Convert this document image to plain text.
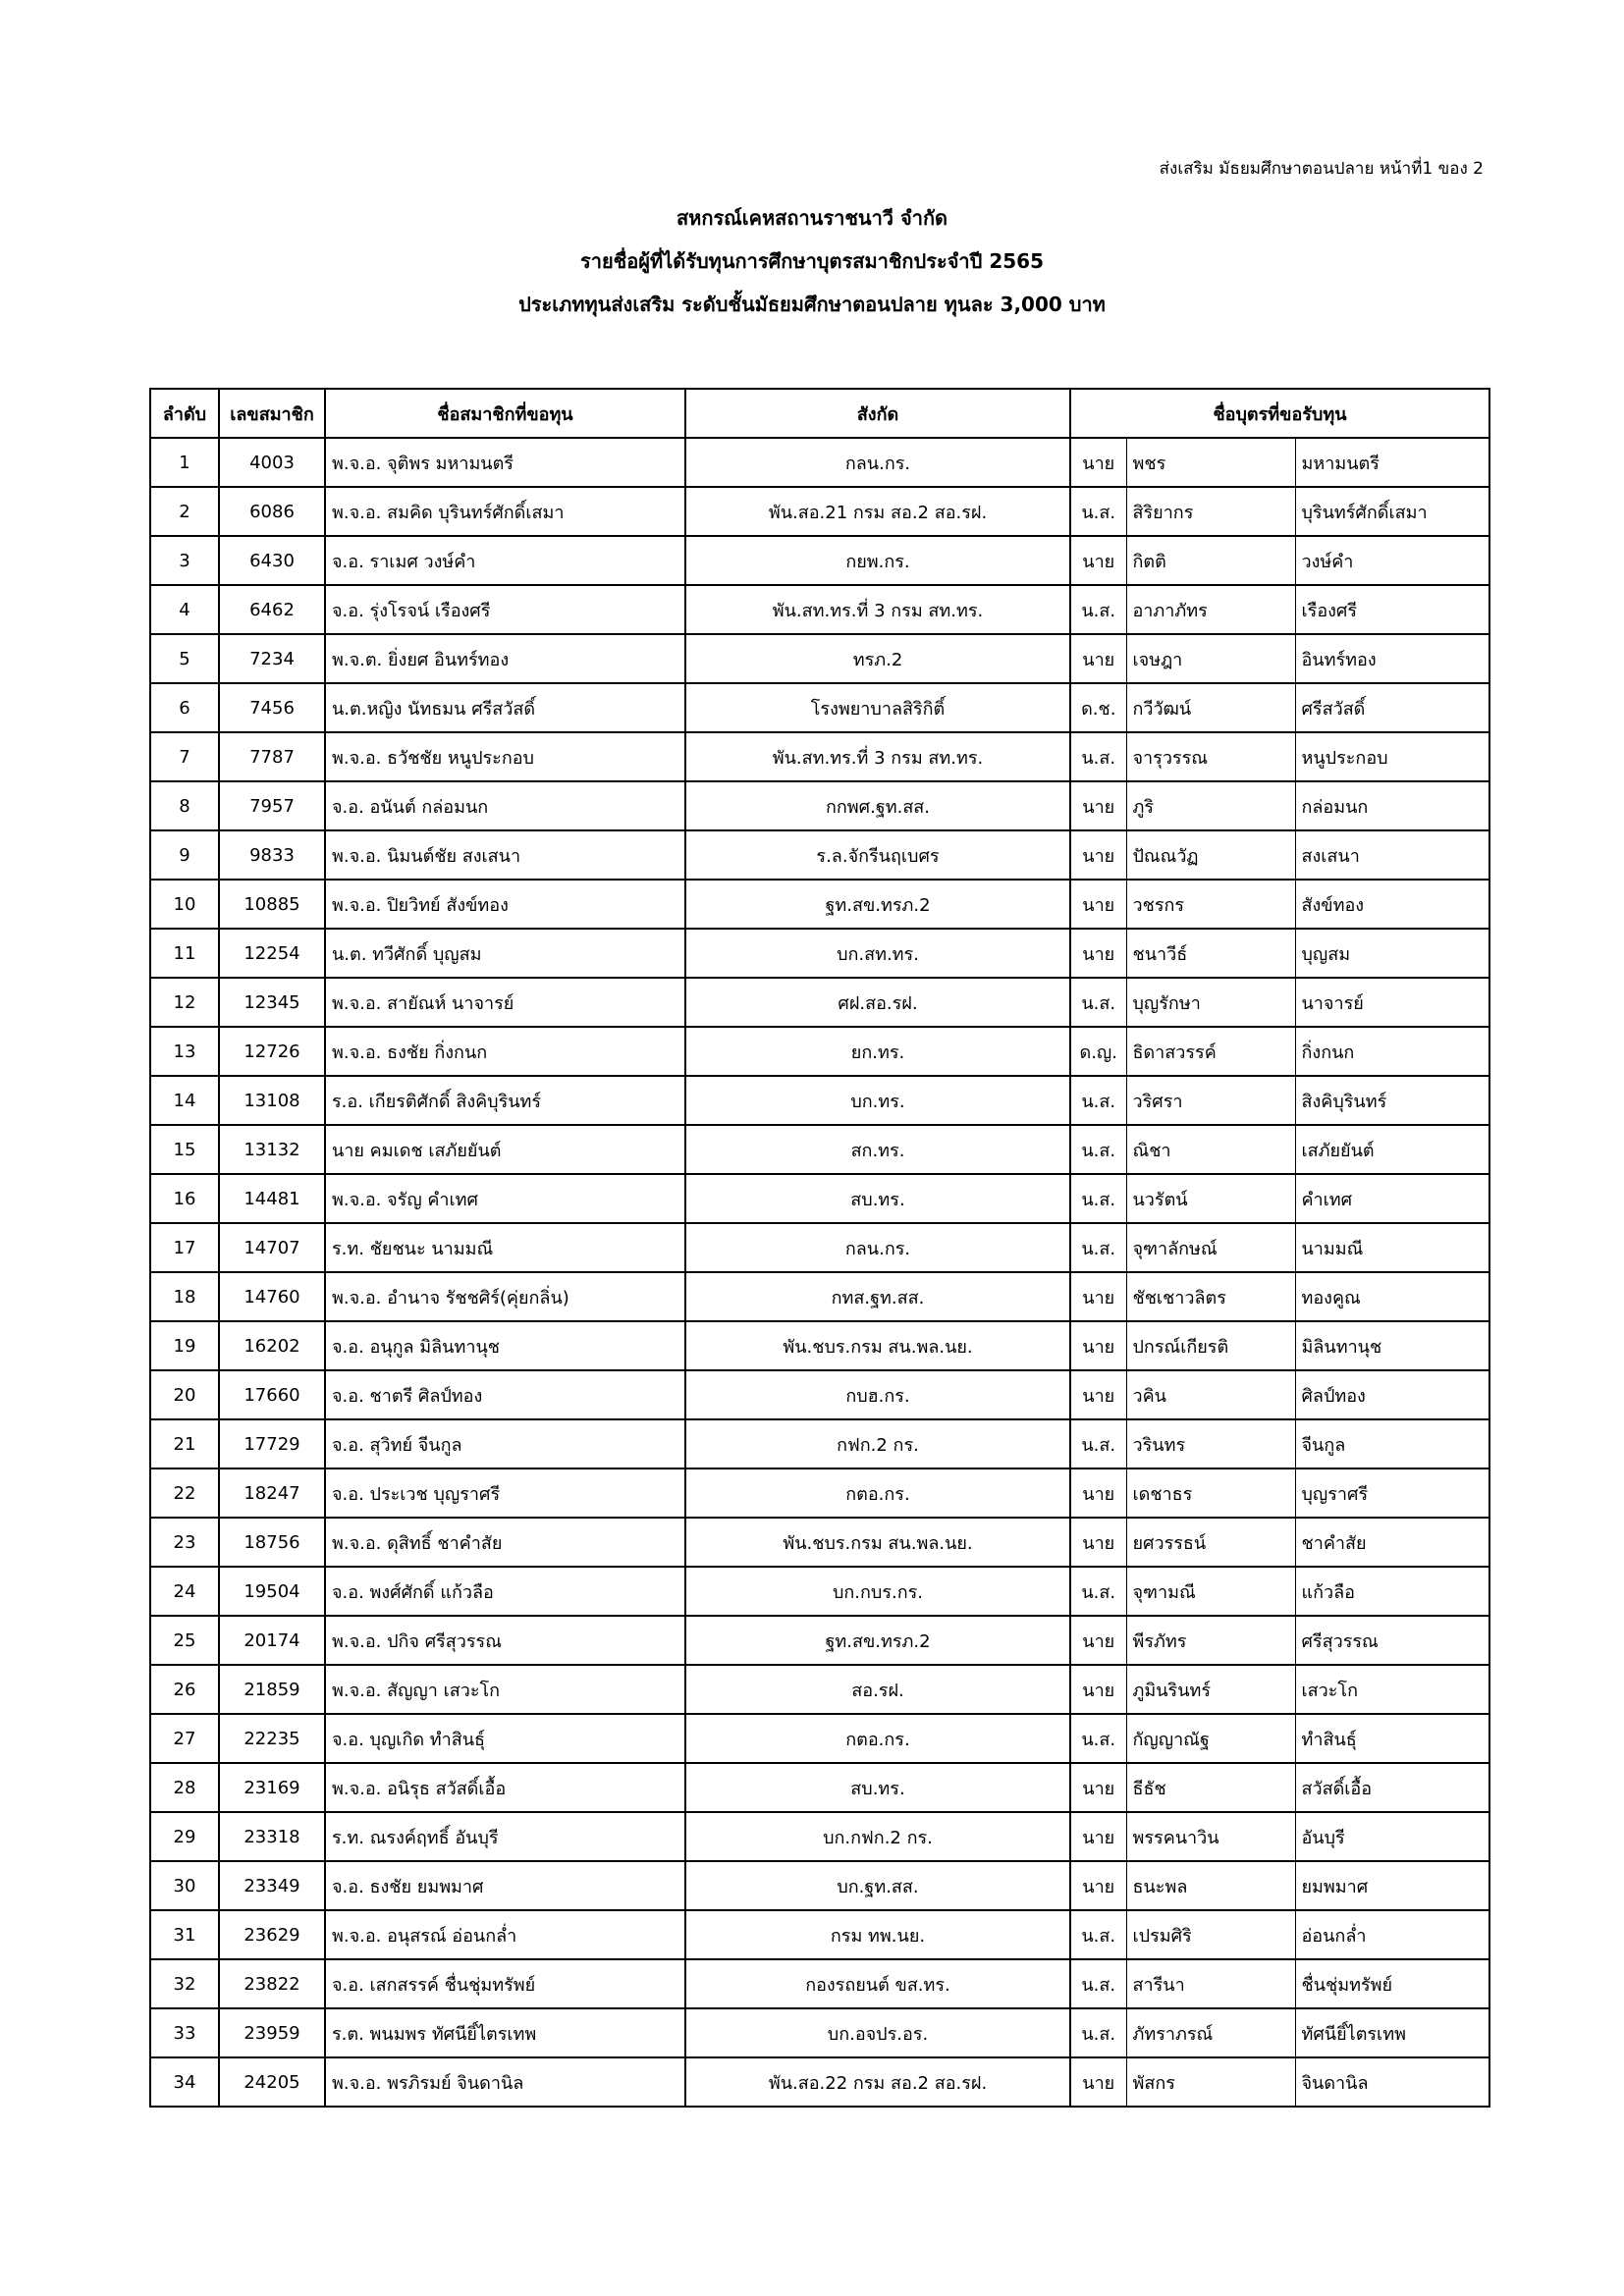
ส่งเสริม มัธยมศึกษาตอนปลาย หน้าที่1 ของ 2
สหกรณ์เคหสถานราชนาวี จำกัด
รายชื่อผู้ที่ได้รับทุนการศึกษาบุตรสมาชิกประจำปี 2565
ประเภททุนส่งเสริม ระดับชั้นมัธยมศึกษาตอนปลาย ทุนละ 3,000 บาท
ลำดับ	เลขสมาชิก	ชื่อสมาชิกที่ขอทุน	สังกัด	ชื่อบุตรที่ขอรับทุน		
1	4003	พ.จ.อ. จุติพร มหามนตรี	กลน.กร.	นาย	พชร	มหามนตรี
2	6086	พ.จ.อ. สมคิด บุรินทร์ศักดิ์เสมา	พัน.สอ.21 กรม สอ.2 สอ.รฝ.	น.ส.	สิริยากร	บุรินทร์ศักดิ์เสมา
3	6430	จ.อ. ราเมศ วงษ์คำ	กยพ.กร.	นาย	กิตติ	วงษ์คำ
4	6462	จ.อ. รุ่งโรจน์ เรืองศรี	พัน.สท.ทร.ที่ 3 กรม สท.ทร.	น.ส.	อาภาภัทร	เรืองศรี
5	7234	พ.จ.ต. ยิ่งยศ อินทร์ทอง	ทรภ.2	นาย	เจษฎา	อินทร์ทอง
6	7456	น.ต.หญิง นัทธมน ศรีสวัสดิ์	โรงพยาบาลสิริกิติ์	ด.ช.	กวีวัฒน์	ศรีสวัสดิ์
7	7787	พ.จ.อ. ธวัชชัย หนูประกอบ	พัน.สท.ทร.ที่ 3 กรม สท.ทร.	น.ส.	จารุวรรณ	หนูประกอบ
8	7957	จ.อ. อนันต์ กล่อมนก	กกพศ.ฐท.สส.	นาย	ภูริ	กล่อมนก
9	9833	พ.จ.อ. นิมนต์ชัย สงเสนา	ร.ล.จักรีนฤเบศร	นาย	ปัณณวัฏ	สงเสนา
10	10885	พ.จ.อ. ปิยวิทย์ สังข์ทอง	ฐท.สข.ทรภ.2	นาย	วชรกร	สังข์ทอง
11	12254	น.ต. ทวีศักดิ์ บุญสม	บก.สท.ทร.	นาย	ชนาวีธ์	บุญสม
12	12345	พ.จ.อ. สายัณห์ นาจารย์	ศฝ.สอ.รฝ.	น.ส.	บุญรักษา	นาจารย์
13	12726	พ.จ.อ. ธงชัย กิ่งกนก	ยก.ทร.	ด.ญ.	ธิดาสวรรค์	กิ่งกนก
14	13108	ร.อ. เกียรติศักดิ์ สิงคิบุรินทร์	บก.ทร.	น.ส.	วริศรา	สิงคิบุรินทร์
15	13132	นาย คมเดช เสภัยยันต์	สก.ทร.	น.ส.	ณิชา	เสภัยยันต์
16	14481	พ.จ.อ. จรัญ คำเทศ	สบ.ทร.	น.ส.	นวรัตน์	คำเทศ
17	14707	ร.ท. ชัยชนะ นามมณี	กลน.กร.	น.ส.	จุฑาลักษณ์	นามมณี
18	14760	พ.จ.อ. อำนาจ รัชชศิร์(คุ่ยกลิ่น)	กทส.ฐท.สส.	นาย	ชัชเชาวลิตร	ทองคูณ
19	16202	จ.อ. อนุกูล มิลินทานุช	พัน.ชบร.กรม สน.พล.นย.	นาย	ปกรณ์เกียรติ	มิลินทานุช
20	17660	จ.อ. ชาตรี ศิลป์ทอง	กบฮ.กร.	นาย	วคิน	ศิลป์ทอง
21	17729	จ.อ. สุวิทย์ จีนกูล	กฟก.2 กร.	น.ส.	วรินทร	จีนกูล
22	18247	จ.อ. ประเวช บุญราศรี	กตอ.กร.	นาย	เดชาธร	บุญราศรี
23	18756	พ.จ.อ. ดุสิทธิ์ ชาคำสัย	พัน.ชบร.กรม สน.พล.นย.	นาย	ยศวรรธน์	ชาคำสัย
24	19504	จ.อ. พงศ์ศักดิ์ แก้วลือ	บก.กบร.กร.	น.ส.	จุฑามณี	แก้วลือ
25	20174	พ.จ.อ. ปกิจ ศรีสุวรรณ	ฐท.สข.ทรภ.2	นาย	พีรภัทร	ศรีสุวรรณ
26	21859	พ.จ.อ. สัญญา เสวะโก	สอ.รฝ.	นาย	ภูมินรินทร์	เสวะโก
27	22235	จ.อ. บุญเกิด ทำสินธุ์	กตอ.กร.	น.ส.	กัญญาณัฐ	ทำสินธุ์
28	23169	พ.จ.อ. อนิรุธ สวัสดิ์เอื้อ	สบ.ทร.	นาย	ธีธัช	สวัสดิ์เอื้อ
29	23318	ร.ท. ณรงค์ฤทธิ์ อันบุรี	บก.กฟก.2 กร.	นาย	พรรคนาวิน	อันบุรี
30	23349	จ.อ. ธงชัย ยมพมาศ	บก.ฐท.สส.	นาย	ธนะพล	ยมพมาศ
31	23629	พ.จ.อ. อนุสรณ์ อ่อนกล่ำ	กรม ทพ.นย.	น.ส.	เปรมศิริ	อ่อนกล่ำ
32	23822	จ.อ. เสกสรรค์ ชื่นชุ่มทรัพย์	กองรถยนต์ ขส.ทร.	น.ส.	สารีนา	ชื่นชุ่มทรัพย์
33	23959	ร.ต. พนมพร ทัศนียิ์ไตรเทพ	บก.อจปร.อร.	น.ส.	ภัทราภรณ์	ทัศนียิ์ไตรเทพ
34	24205	พ.จ.อ. พรภิรมย์ จินดานิล	พัน.สอ.22 กรม สอ.2 สอ.รฝ.	นาย	พัสกร	จินดานิล
